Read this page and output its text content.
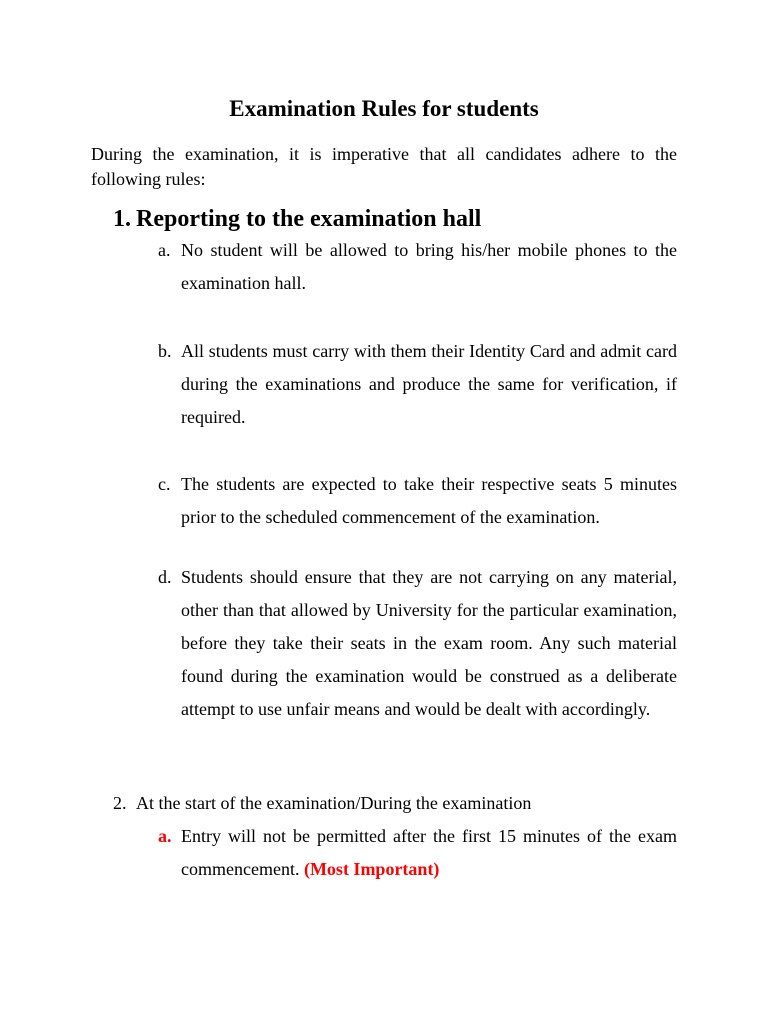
Examination Rules for students

During the examination, it is imperative that all candidates adhere to the following rules:

1. Reporting to the examination hall
a. No student will be allowed to bring his/her mobile phones to the examination hall.
b. All students must carry with them their Identity Card and admit card during the examinations and produce the same for verification, if required.
c. The students are expected to take their respective seats 5 minutes prior to the scheduled commencement of the examination.
d. Students should ensure that they are not carrying on any material, other than that allowed by University for the particular examination, before they take their seats in the exam room. Any such material found during the examination would be construed as a deliberate attempt to use unfair means and would be dealt with accordingly.

2. At the start of the examination/During the examination

a. Entry will not be permitted after the first 15 minutes of the exam commencement. (Most Important)
